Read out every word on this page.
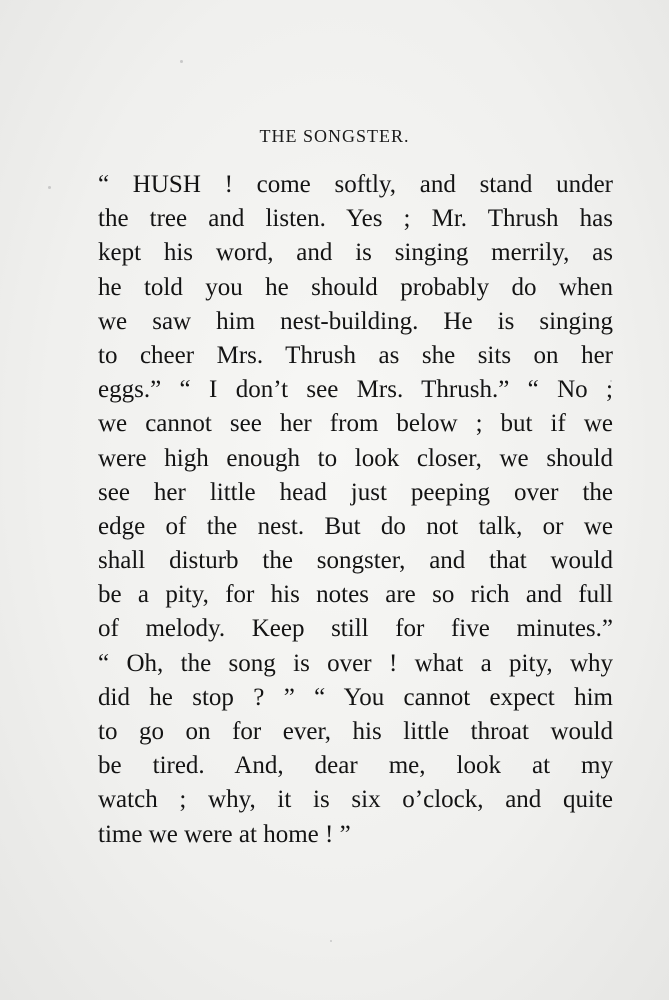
THE SONGSTER.
“ HUSH ! come softly, and stand under
the tree and listen. Yes ; Mr. Thrush has
kept his word, and is singing merrily, as
he told you he should probably do when
we saw him nest-building. He is singing
to cheer Mrs. Thrush as she sits on her
eggs.” “ I don’t see Mrs. Thrush.” “ No ;
we cannot see her from below ; but if we
were high enough to look closer, we should
see her little head just peeping over the
edge of the nest. But do not talk, or we
shall disturb the songster, and that would
be a pity, for his notes are so rich and full
of melody. Keep still for five minutes.”
“ Oh, the song is over ! what a pity, why
did he stop ? ” “ You cannot expect him
to go on for ever, his little throat would
be tired. And, dear me, look at my
watch ; why, it is six o’clock, and quite
time we were at home ! ”
